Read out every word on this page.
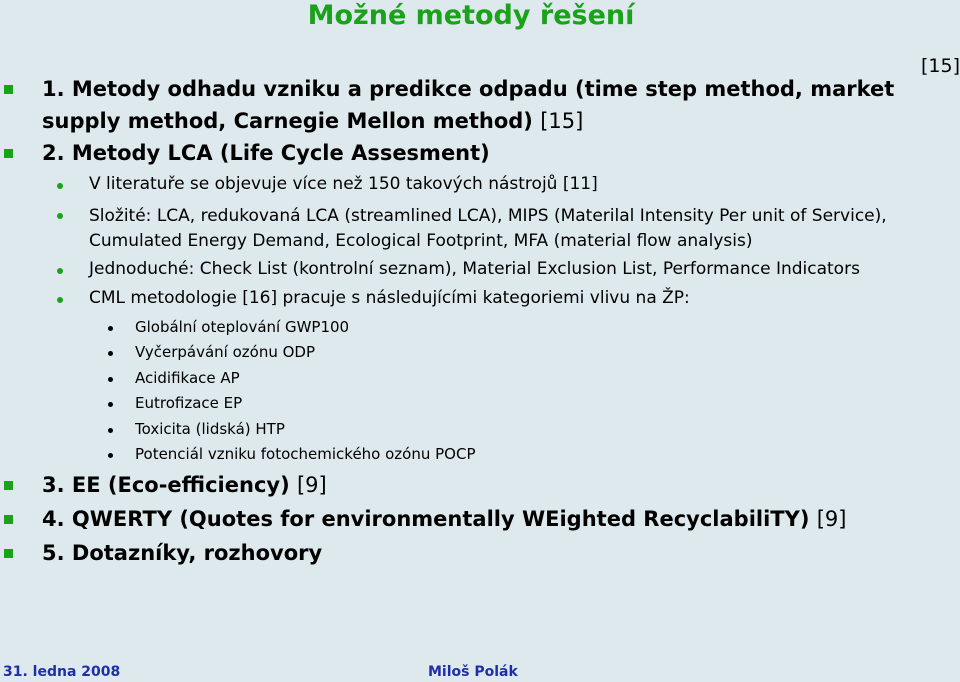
Možné metody řešení
[15]
1. Metody odhadu vzniku a predikce odpadu (time step method, market supply method, Carnegie Mellon method) [15]
2. Metody LCA (Life Cycle Assesment)
V literatuře se objevuje více než 150 takových nástrojů [11]
Složité: LCA, redukovaná LCA (streamlined LCA), MIPS (Materilal Intensity Per unit of Service), Cumulated Energy Demand, Ecological Footprint, MFA (material flow analysis)
Jednoduché: Check List (kontrolní seznam), Material Exclusion List, Performance Indicators
CML metodologie [16] pracuje s následujícími kategoriemi vlivu na ŽP:
Globální oteplování GWP100
Vyčerpávání ozónu ODP
Acidifikace AP
Eutrofizace EP
Toxicita (lidská) HTP
Potenciál vzniku fotochemického ozónu POCP
3. EE (Eco-efficiency) [9]
4. QWERTY (Quotes for environmentally WEighted RecyclabiliTY) [9]
5. Dotazníky, rozhovory
31. ledna 2008	Miloš Polák
